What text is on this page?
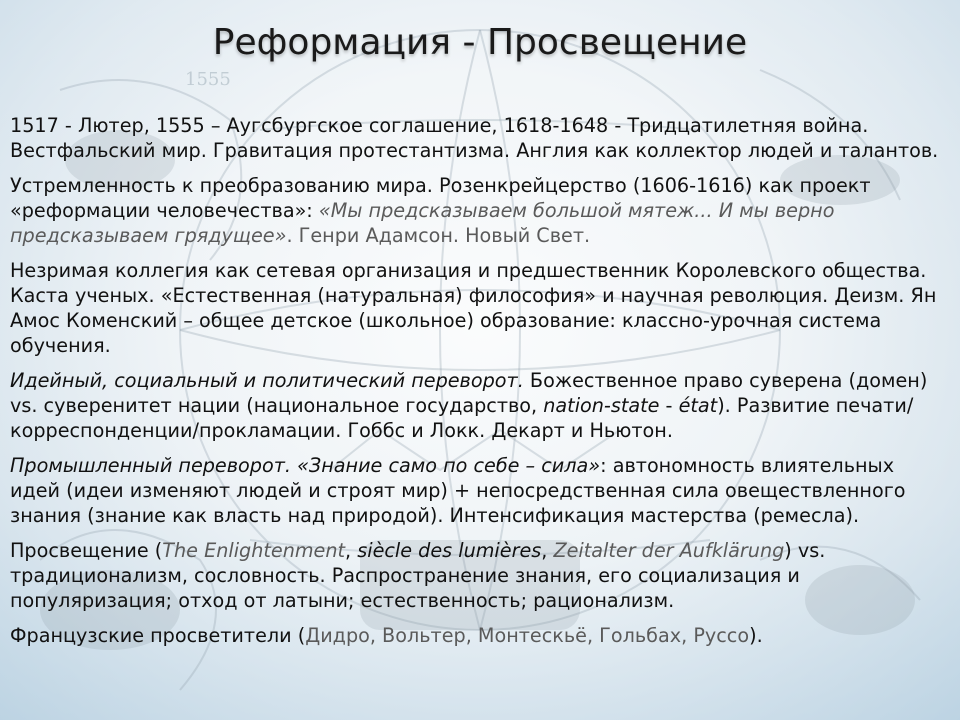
1555
Реформация - Просвещение

1517 - Лютер, 1555 – Аугсбургское соглашение, 1618-1648 - Тридцатилетняя война. Вестфальский мир. Гравитация протестантизма. Англия как коллектор людей и талантов.

Устремленность к преобразованию мира. Розенкрейцерство (1606-1616) как проект «реформации человечества»: «Мы предсказываем большой мятеж... И мы верно предсказываем грядущее». Генри Адамсон. Новый Свет.

Незримая коллегия как сетевая организация и предшественник Королевского общества. Каста ученых. «Естественная (натуральная) философия» и научная революция. Деизм. Ян Амос Коменский – общее детское (школьное) образование: классно-урочная система обучения.

Идейный, социальный и политический переворот. Божественное право суверена (домен) vs. суверенитет нации (национальное государство, nation-state - état). Развитие печати/корреспонденции/прокламации. Гоббс и Локк. Декарт и Ньютон.

Промышленный переворот. «Знание само по себе – сила»: автономность влиятельных идей (идеи изменяют людей и строят мир) + непосредственная сила овеществленного знания (знание как власть над природой). Интенсификация мастерства (ремесла).

Просвещение (The Enlightenment, siècle des lumières, Zeitalter der Aufklärung) vs. традиционализм, сословность. Распространение знания, его социализация и популяризация; отход от латыни; естественность; рационализм.

Французские просветители (Дидро, Вольтер, Монтескьё, Гольбах, Руссо).
